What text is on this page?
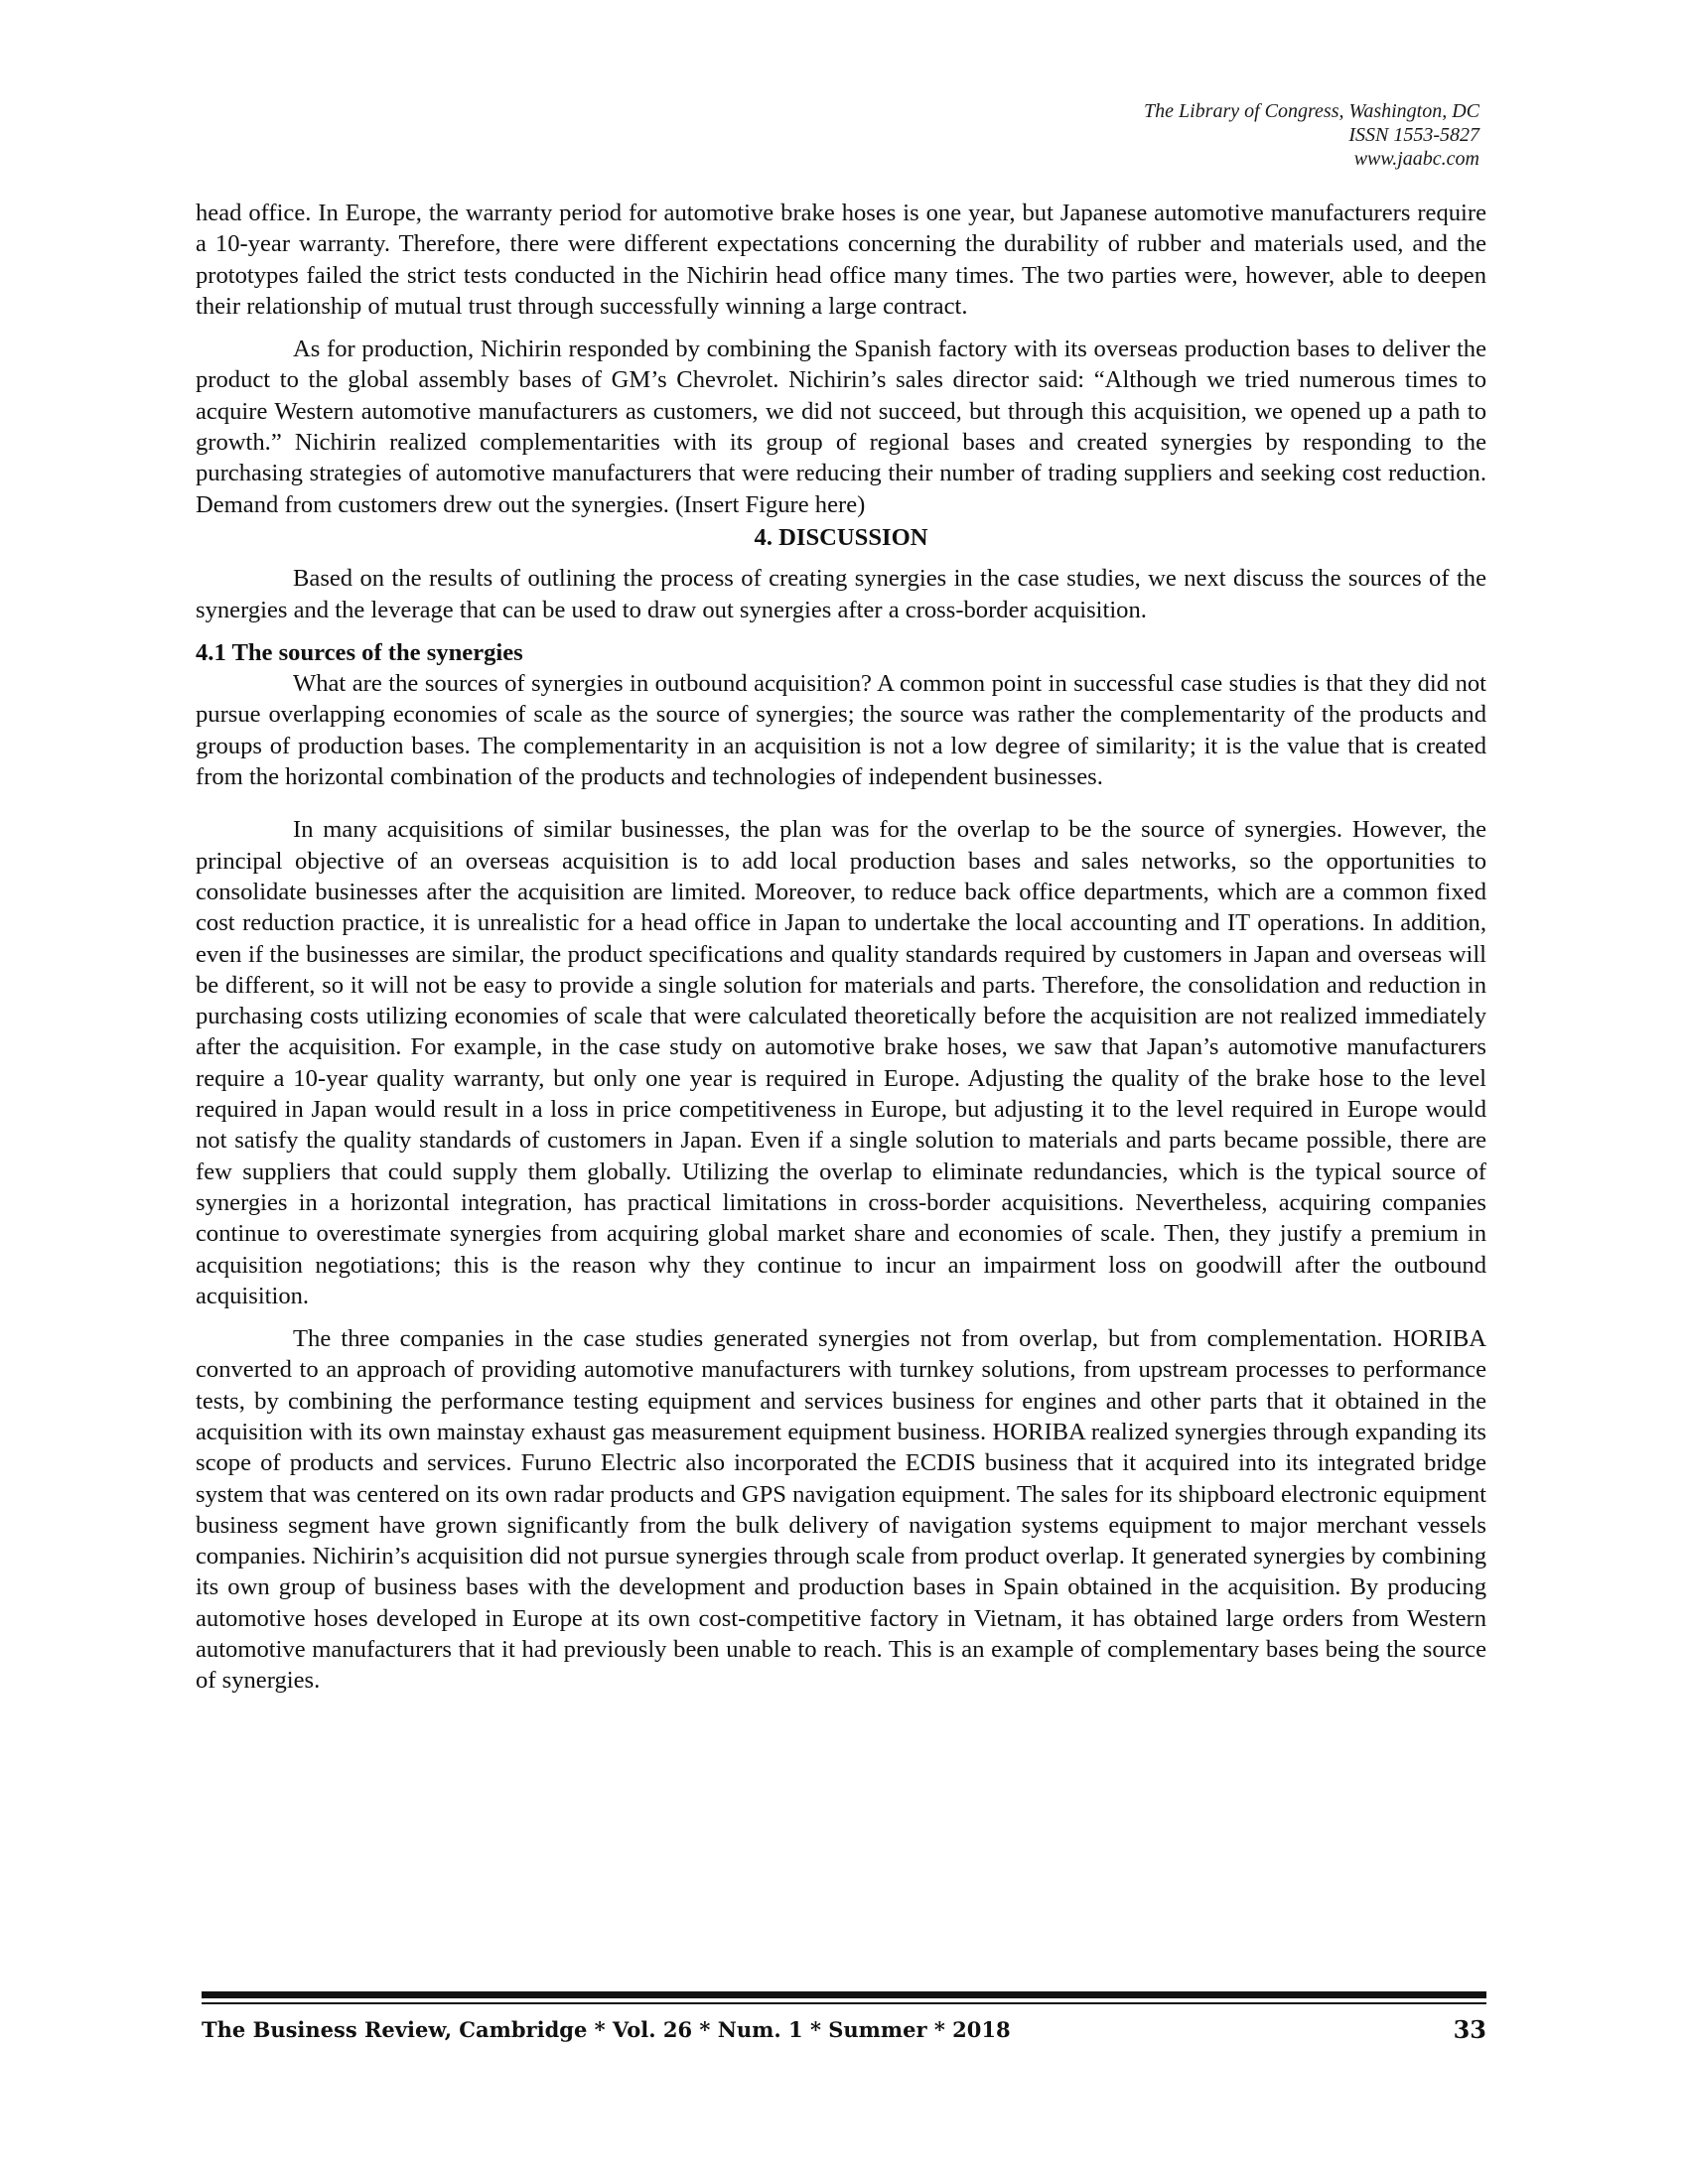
The Library of Congress, Washington, DC
ISSN 1553-5827
www.jaabc.com

head office. In Europe, the warranty period for automotive brake hoses is one year, but Japanese automotive manufacturers require a 10-year warranty. Therefore, there were different expectations concerning the durability of rubber and materials used, and the prototypes failed the strict tests conducted in the Nichirin head office many times. The two parties were, however, able to deepen their relationship of mutual trust through successfully winning a large contract.

As for production, Nichirin responded by combining the Spanish factory with its overseas production bases to deliver the product to the global assembly bases of GM’s Chevrolet. Nichirin’s sales director said: “Although we tried numerous times to acquire Western automotive manufacturers as customers, we did not succeed, but through this acquisition, we opened up a path to growth.” Nichirin realized complementarities with its group of regional bases and created synergies by responding to the purchasing strategies of automotive manufacturers that were reducing their number of trading suppliers and seeking cost reduction. Demand from customers drew out the synergies. (Insert Figure here)

4. DISCUSSION

Based on the results of outlining the process of creating synergies in the case studies, we next discuss the sources of the synergies and the leverage that can be used to draw out synergies after a cross-border acquisition.

4.1 The sources of the synergies

What are the sources of synergies in outbound acquisition? A common point in successful case studies is that they did not pursue overlapping economies of scale as the source of synergies; the source was rather the complementarity of the products and groups of production bases. The complementarity in an acquisition is not a low degree of similarity; it is the value that is created from the horizontal combination of the products and technologies of independent businesses.

In many acquisitions of similar businesses, the plan was for the overlap to be the source of synergies. However, the principal objective of an overseas acquisition is to add local production bases and sales networks, so the opportunities to consolidate businesses after the acquisition are limited. Moreover, to reduce back office departments, which are a common fixed cost reduction practice, it is unrealistic for a head office in Japan to undertake the local accounting and IT operations. In addition, even if the businesses are similar, the product specifications and quality standards required by customers in Japan and overseas will be different, so it will not be easy to provide a single solution for materials and parts. Therefore, the consolidation and reduction in purchasing costs utilizing economies of scale that were calculated theoretically before the acquisition are not realized immediately after the acquisition. For example, in the case study on automotive brake hoses, we saw that Japan’s automotive manufacturers require a 10-year quality warranty, but only one year is required in Europe. Adjusting the quality of the brake hose to the level required in Japan would result in a loss in price competitiveness in Europe, but adjusting it to the level required in Europe would not satisfy the quality standards of customers in Japan. Even if a single solution to materials and parts became possible, there are few suppliers that could supply them globally. Utilizing the overlap to eliminate redundancies, which is the typical source of synergies in a horizontal integration, has practical limitations in cross-border acquisitions. Nevertheless, acquiring companies continue to overestimate synergies from acquiring global market share and economies of scale. Then, they justify a premium in acquisition negotiations; this is the reason why they continue to incur an impairment loss on goodwill after the outbound acquisition.

The three companies in the case studies generated synergies not from overlap, but from complementation. HORIBA converted to an approach of providing automotive manufacturers with turnkey solutions, from upstream processes to performance tests, by combining the performance testing equipment and services business for engines and other parts that it obtained in the acquisition with its own mainstay exhaust gas measurement equipment business. HORIBA realized synergies through expanding its scope of products and services. Furuno Electric also incorporated the ECDIS business that it acquired into its integrated bridge system that was centered on its own radar products and GPS navigation equipment. The sales for its shipboard electronic equipment business segment have grown significantly from the bulk delivery of navigation systems equipment to major merchant vessels companies. Nichirin’s acquisition did not pursue synergies through scale from product overlap. It generated synergies by combining its own group of business bases with the development and production bases in Spain obtained in the acquisition. By producing automotive hoses developed in Europe at its own cost-competitive factory in Vietnam, it has obtained large orders from Western automotive manufacturers that it had previously been unable to reach. This is an example of complementary bases being the source of synergies.

The Business Review, Cambridge * Vol. 26 * Num. 1 * Summer * 2018	33
